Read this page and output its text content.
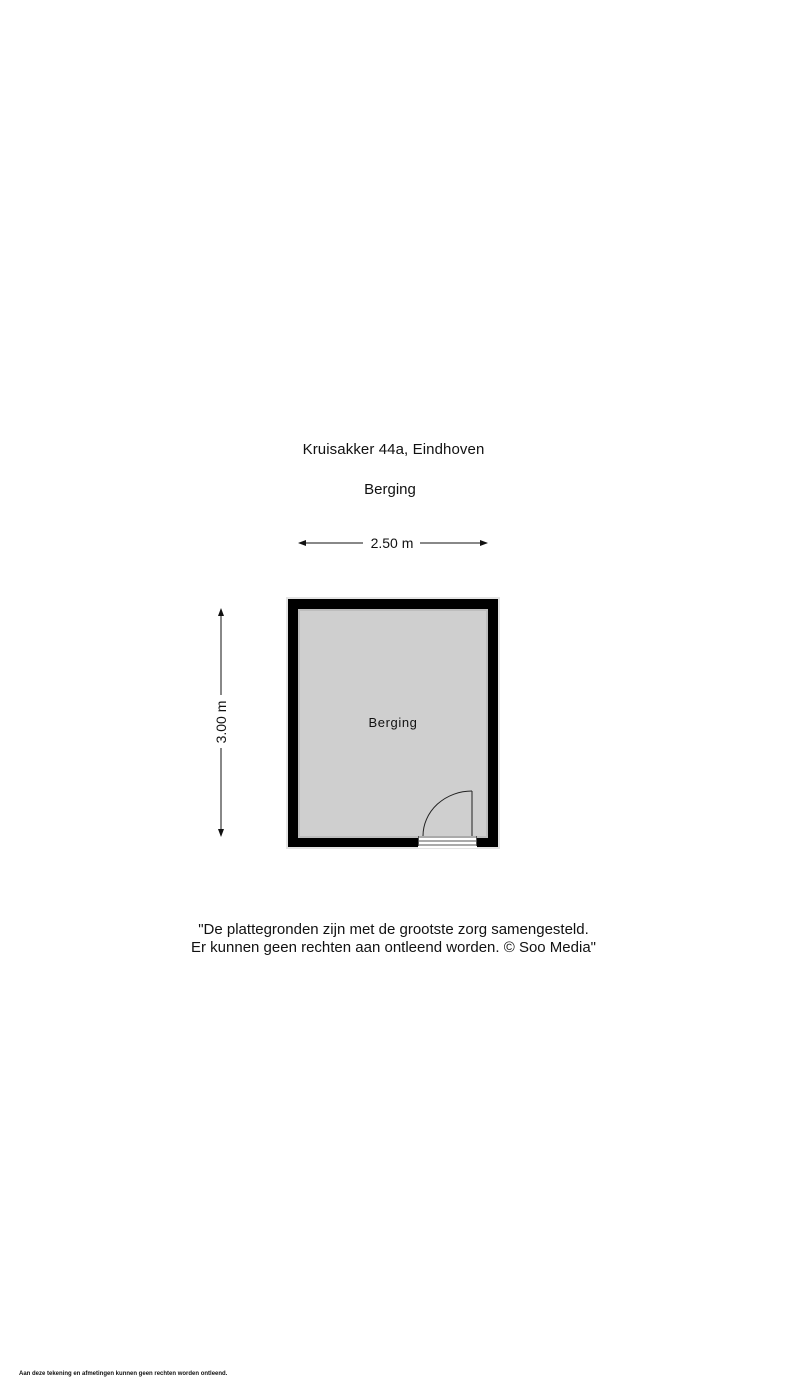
Kruisakker 44a, Eindhoven
Berging
2.50 m
3.00 m	Berging
"De plattegronden zijn met de grootste zorg samengesteld.
Er kunnen geen rechten aan ontleend worden. © Soo Media"
Aan deze tekening en afmetingen kunnen geen rechten worden ontleend.
